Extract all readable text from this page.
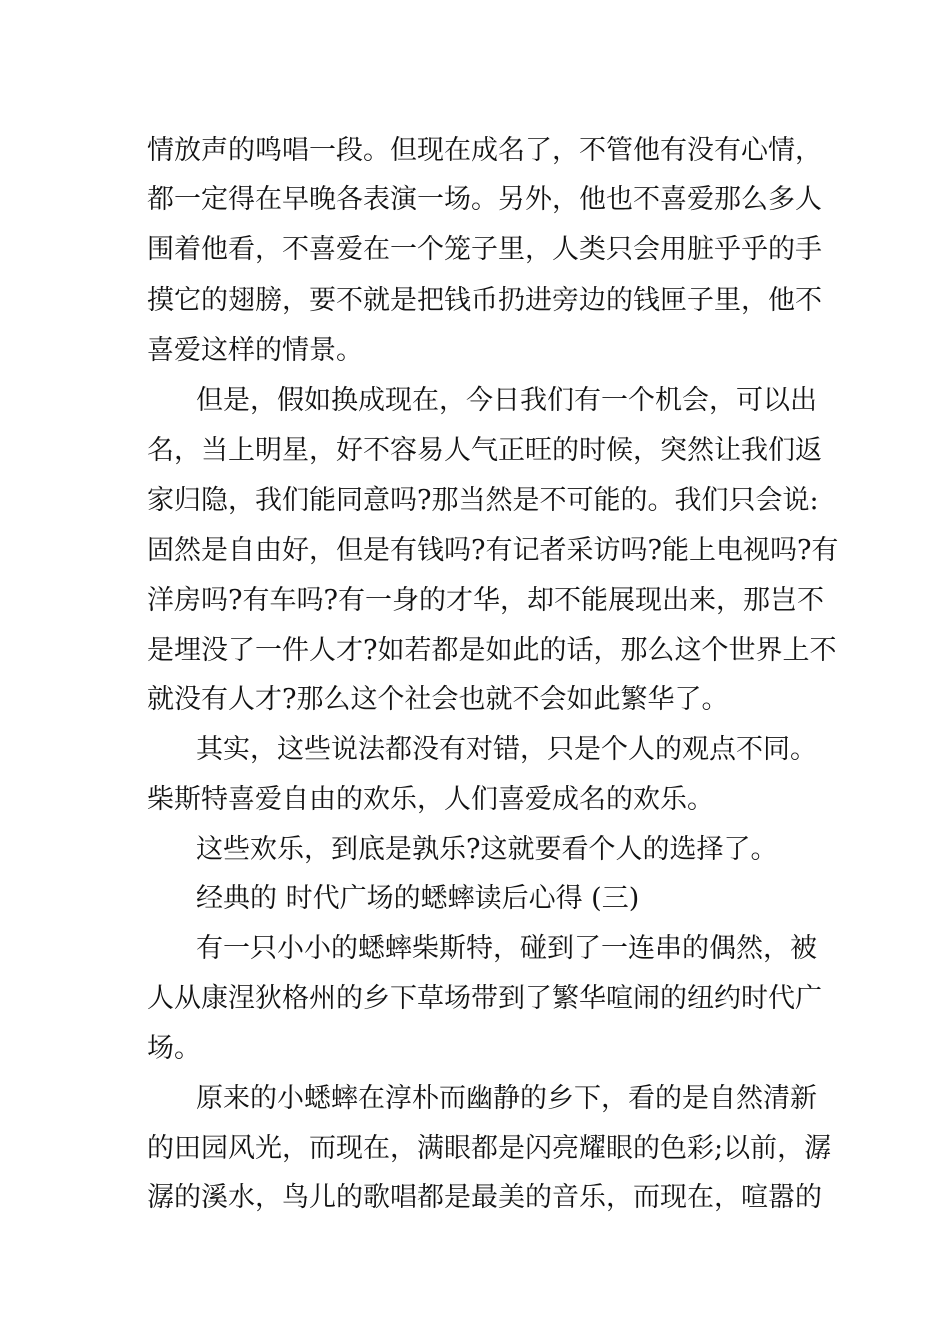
情放声的鸣唱一段。但现在成名了，不管他有没有心情，
都一定得在早晚各表演一场。另外，他也不喜爱那么多人
围着他看，不喜爱在一个笼子里，人类只会用脏乎乎的手
摸它的翅膀，要不就是把钱币扔进旁边的钱匣子里，他不
喜爱这样的情景。
但是，假如换成现在，今日我们有一个机会，可以出
名，当上明星，好不容易人气正旺的时候，突然让我们返
家归隐，我们能同意吗?那当然是不可能的。我们只会说:
固然是自由好，但是有钱吗?有记者采访吗?能上电视吗?有
洋房吗?有车吗?有一身的才华，却不能展现出来，那岂不
是埋没了一件人才?如若都是如此的话，那么这个世界上不
就没有人才?那么这个社会也就不会如此繁华了。
其实，这些说法都没有对错，只是个人的观点不同。
柴斯特喜爱自由的欢乐，人们喜爱成名的欢乐。
这些欢乐，到底是孰乐?这就要看个人的选择了。
经典的 时代广场的蟋蟀读后心得 (三)
有一只小小的蟋蟀柴斯特，碰到了一连串的偶然，被
人从康涅狄格州的乡下草场带到了繁华喧闹的纽约时代广
场。
原来的小蟋蟀在淳朴而幽静的乡下，看的是自然清新
的田园风光，而现在，满眼都是闪亮耀眼的色彩;以前，潺
潺的溪水，鸟儿的歌唱都是最美的音乐，而现在，喧嚣的
